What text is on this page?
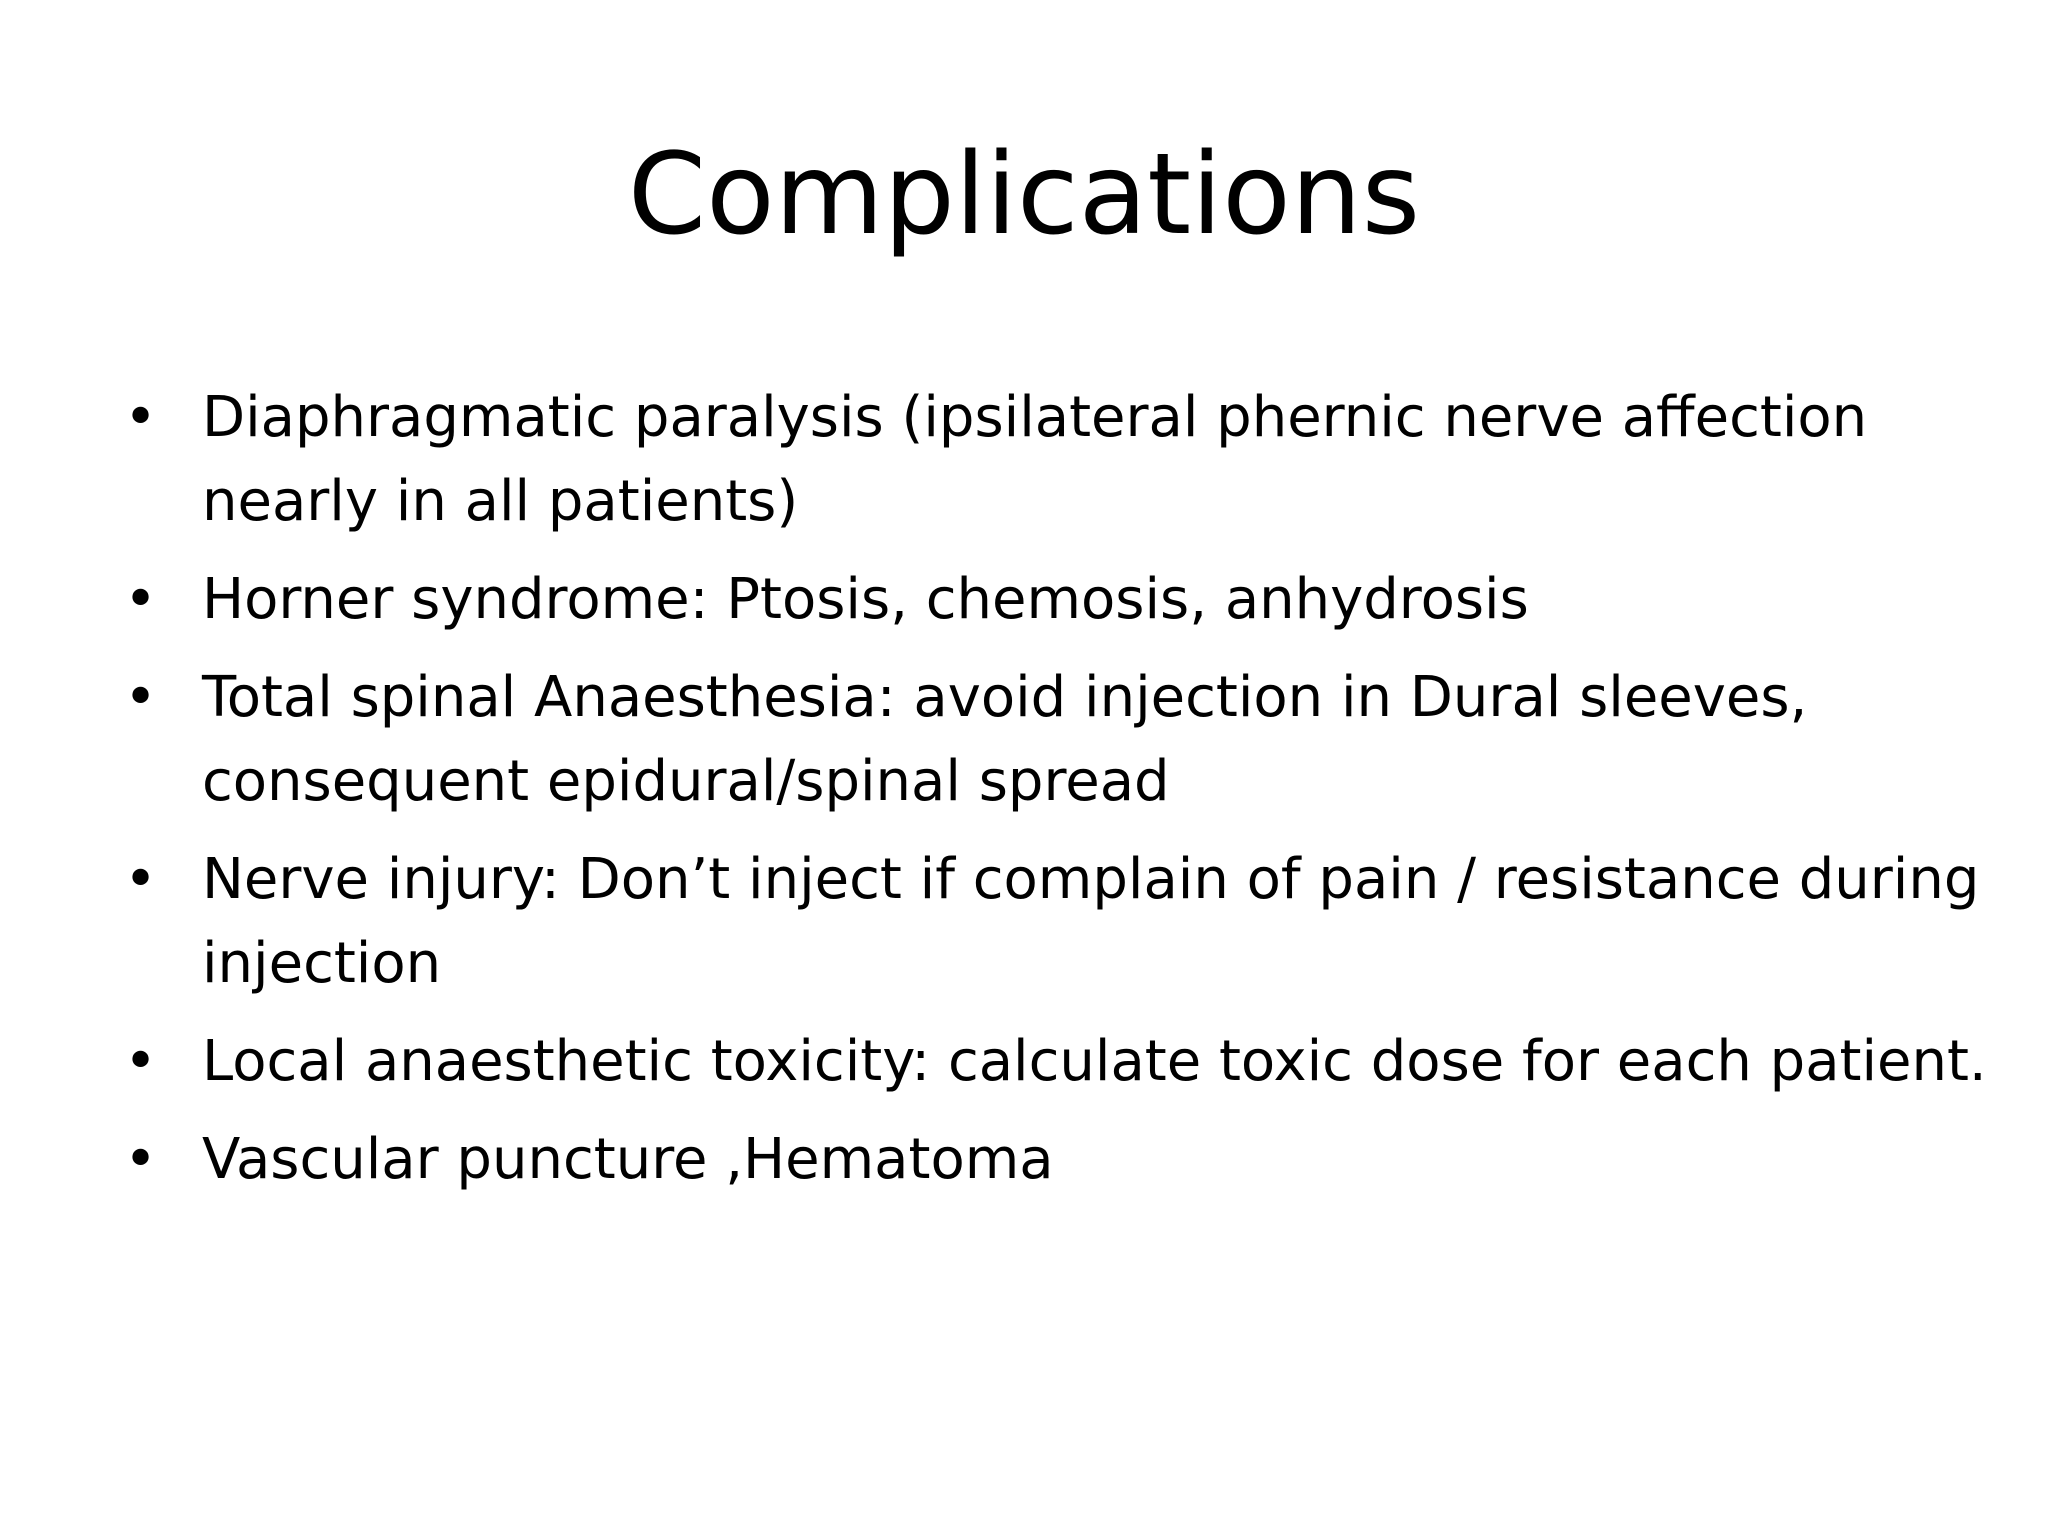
Complications
• Diaphragmatic paralysis (ipsilateral phernic nerve affection nearly in all patients)
• Horner syndrome: Ptosis, chemosis, anhydrosis
• Total spinal Anaesthesia: avoid injection in Dural sleeves, consequent epidural/spinal spread
• Nerve injury: Don’t inject if complain of pain / resistance during injection
• Local anaesthetic toxicity: calculate toxic dose for each patient.
• Vascular puncture ,Hematoma
